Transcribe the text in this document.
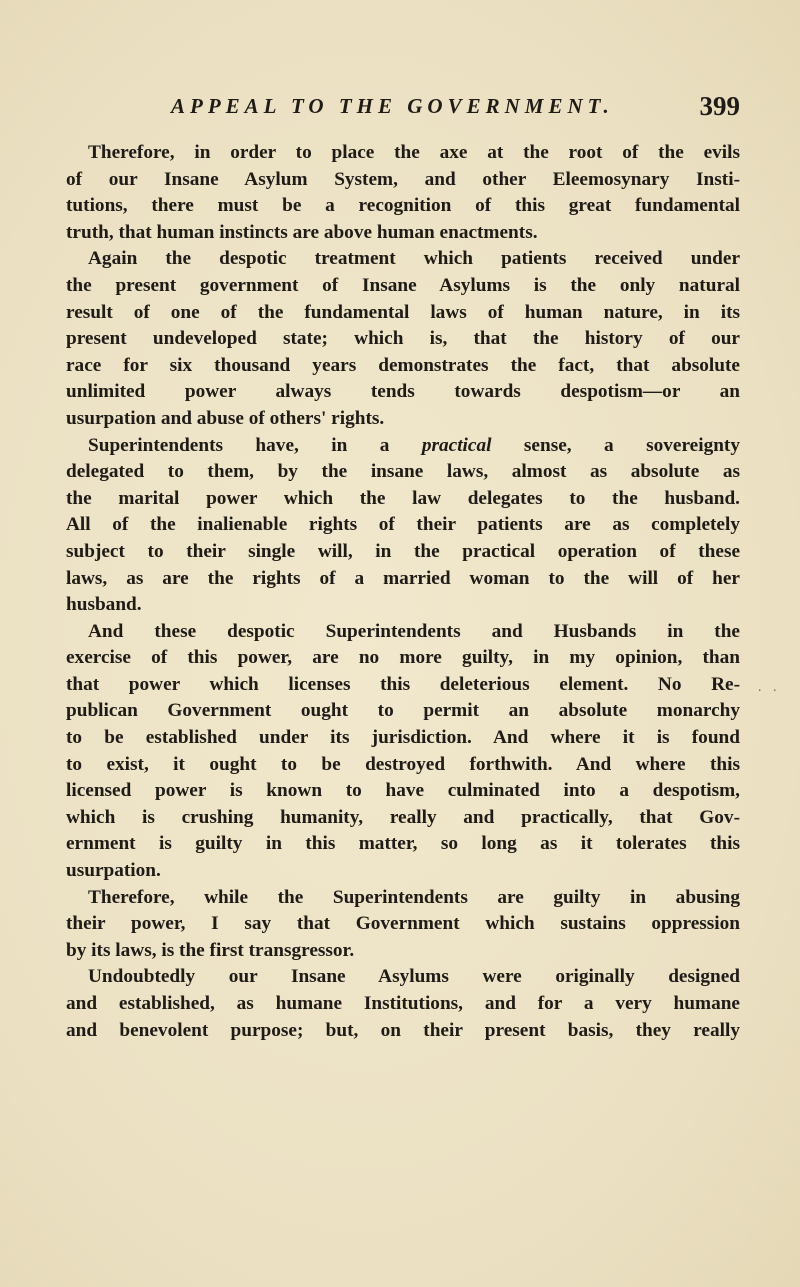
APPEAL TO THE GOVERNMENT.	399
Therefore, in order to place the axe at the root of the evils
of our Insane Asylum System, and other Eleemosynary Insti-
tutions, there must be a recognition of this great fundamental
truth, that human instincts are above human enactments.
Again the despotic treatment which patients received under
the present government of Insane Asylums is the only natural
result of one of the fundamental laws of human nature, in its
present undeveloped state; which is, that the history of our
race for six thousand years demonstrates the fact, that absolute
unlimited power always tends towards despotism—or an
usurpation and abuse of others' rights.
Superintendents have, in a practical sense, a sovereignty
delegated to them, by the insane laws, almost as absolute as
the marital power which the law delegates to the husband.
All of the inalienable rights of their patients are as completely
subject to their single will, in the practical operation of these
laws, as are the rights of a married woman to the will of her
husband.
And these despotic Superintendents and Husbands in the
exercise of this power, are no more guilty, in my opinion, than
that power which licenses this deleterious element. No Re-
publican Government ought to permit an absolute monarchy
to be established under its jurisdiction. And where it is found
to exist, it ought to be destroyed forthwith. And where this
licensed power is known to have culminated into a despotism,
which is crushing humanity, really and practically, that Gov-
ernment is guilty in this matter, so long as it tolerates this
usurpation.
Therefore, while the Superintendents are guilty in abusing
their power, I say that Government which sustains oppression
by its laws, is the first transgressor.
Undoubtedly our Insane Asylums were originally designed
and established, as humane Institutions, and for a very humane
and benevolent purpose; but, on their present basis, they really
. .
